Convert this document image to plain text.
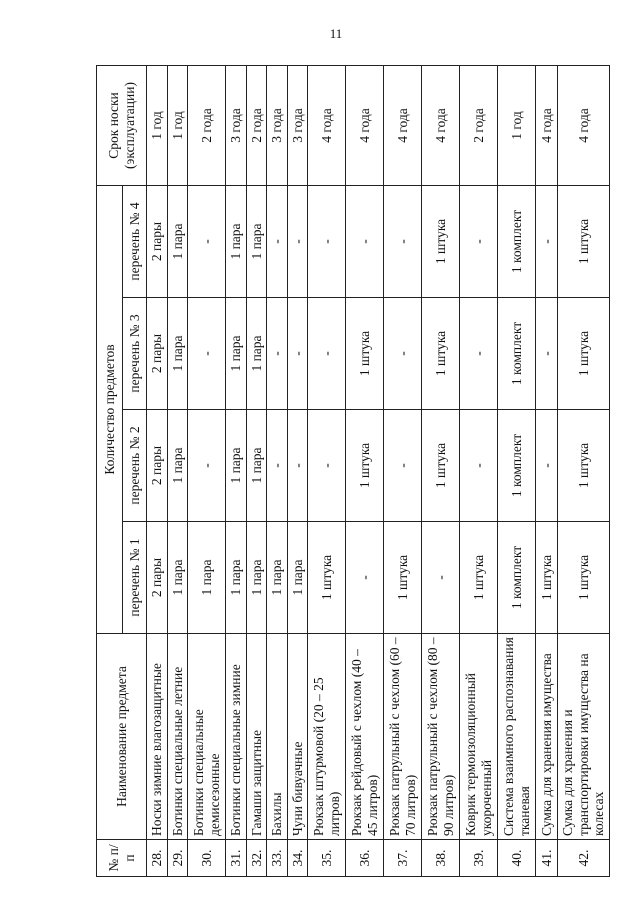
11
№ п/п	Наименование предмета	Количество предметов				Срок носки (эксплуатации)
		перечень № 1	перечень № 2	перечень № 3	перечень № 4	
28.	Носки зимние влагозащитные	2 пары	2 пары	2 пары	2 пары	1 год
29.	Ботинки специальные летние	1 пара	1 пара	1 пара	1 пара	1 год
30.	Ботинки специальные демисезонные	1 пара	-	-	-	2 года
31.	Ботинки специальные зимние	1 пара	1 пара	1 пара	1 пара	3 года
32.	Гамаши защитные	1 пара	1 пара	1 пара	1 пара	2 года
33.	Бахилы	1 пара	-	-	-	3 года
34.	Чуни бивуачные	1 пара	-	-	-	3 года
35.	Рюкзак штурмовой (20 – 25 литров)	1 штука	-	-	-	4 года
36.	Рюкзак рейдовый с чехлом (40 – 45 литров)	-	1 штука	1 штука	-	4 года
37.	Рюкзак патрульный с чехлом (60 – 70 литров)	1 штука	-	-	-	4 года
38.	Рюкзак патрульный с чехлом (80 – 90 литров)	-	1 штука	1 штука	1 штука	4 года
39.	Коврик термоизоляционный укороченный	1 штука	-	-	-	2 года
40.	Система взаимного распознавания тканевая	1 комплект	1 комплект	1 комплект	1 комплект	1 год
41.	Сумка для хранения имущества	1 штука	-	-	-	4 года
42.	Сумка для хранения и транспортировки имущества на колесах	1 штука	1 штука	1 штука	1 штука	4 года
